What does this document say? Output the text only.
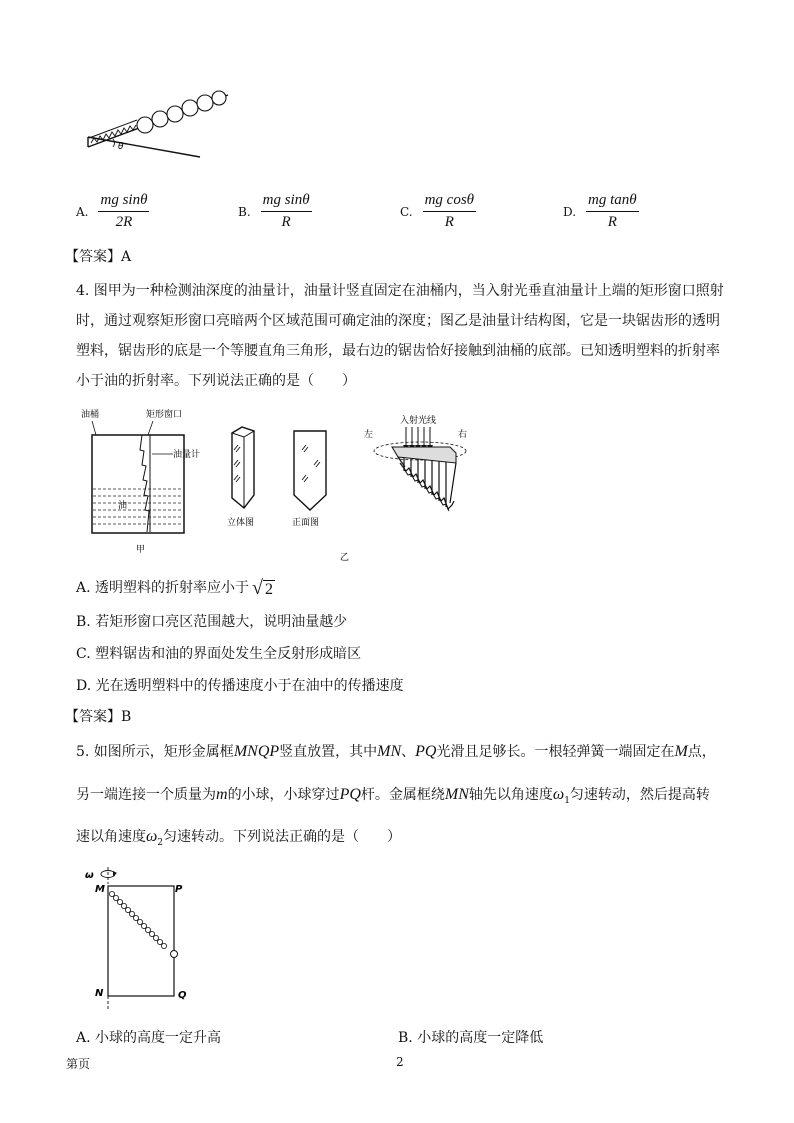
θ
A. $\frac{\text{mg sinθ}}{2R}$	B. $\frac{\text{mg sinθ}}{R}$	C. $\frac{\text{mg cosθ}}{R}$	D. $\frac{\text{mg tanθ}}{R}$
【答案】A
4. 图甲为一种检测油深度的油量计，油量计竖直固定在油桶内，当入射光垂直油量计上端的矩形窗口照射
时，通过观察矩形窗口亮暗两个区域范围可确定油的深度；图乙是油量计结构图，它是一块锯齿形的透明
塑料，锯齿形的底是一个等腰直角三角形，最右边的锯齿恰好接触到油桶的底部。已知透明塑料的折射率
小于油的折射率。下列说法正确的是（　　）
油桶	矩形窗口
油量计
油
甲
立体图	正面图
乙
入射光线
左	右
A. 透明塑料的折射率应小于 √ 2
B. 若矩形窗口亮区范围越大，说明油量越少
C. 塑料锯齿和油的界面处发生全反射形成暗区
D. 光在透明塑料中的传播速度小于在油中的传播速度
【答案】B
5. 如图所示，矩形金属框MNQP竖直放置，其中MN、PQ光滑且足够长。一根轻弹簧一端固定在M点，
另一端连接一个质量为m的小球，小球穿过PQ杆。金属框绕MN轴先以角速度$\omega_1$匀速转动，然后提高转
速以角速度$\omega_2$匀速转动。下列说法正确的是（　　）
ω
M	P
N	Q
A. 小球的高度一定升高	B. 小球的高度一定降低
第页	2
